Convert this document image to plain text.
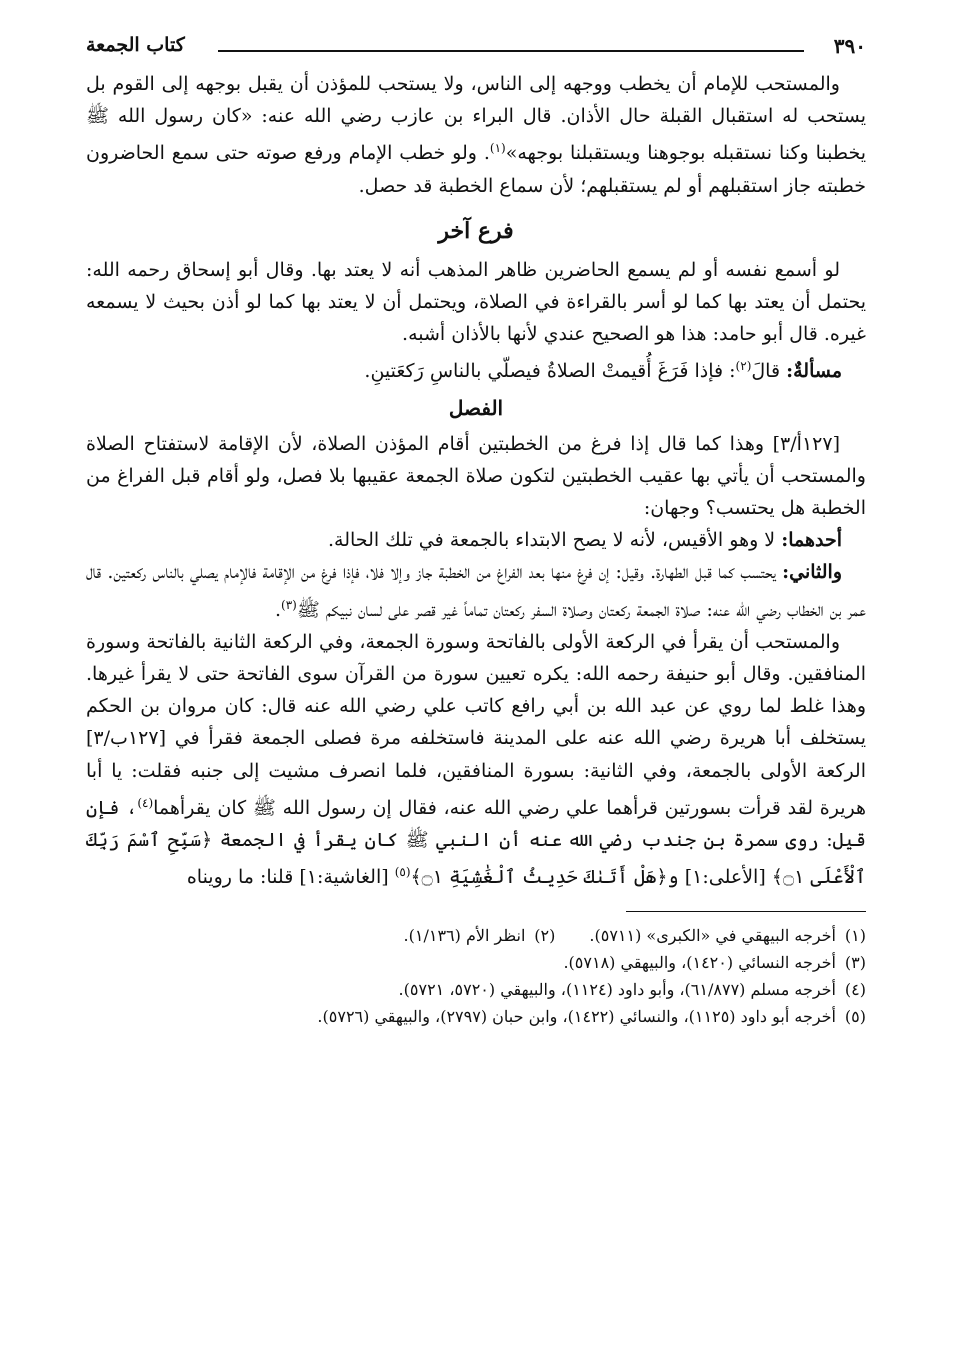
٣٩٠
كتاب الجمعة

والمستحب للإمام أن يخطب ووجهه إلى الناس، ولا يستحب للمؤذن أن يقبل بوجهه إلى القوم بل يستحب له استقبال القبلة حال الأذان. قال البراء بن عازب رضي الله عنه: «كان رسول الله ﷺ يخطبنا وكنا نستقبله بوجوهنا ويستقبلنا بوجهه»$^{(١)}$. ولو خطب الإمام ورفع صوته حتى سمع الحاضرون خطبته جاز استقبلهم أو لم يستقبلهم؛ لأن سماع الخطبة قد حصل.

فرع آخر

لو أسمع نفسه أو لم يسمع الحاضرين ظاهر المذهب أنه لا يعتد بها. وقال أبو إسحاق رحمه الله: يحتمل أن يعتد بها كما لو أسر بالقراءة في الصلاة، ويحتمل أن لا يعتد بها كما لو أذن بحيث لا يسمعه غيره. قال أبو حامد: هذا هو الصحيح عندي لأنها بالأذان أشبه.

مسألةٌ: قالَ$^{(٢)}$: فإذا فَرَغَ أُقيمتْ الصلاةُ فيصلّي بالناسِ رَكعَتينِ.

الفصل

[١٢٧أ/٣] وهذا كما قال إذا فرغ من الخطبتين أقام المؤذن الصلاة، لأن الإقامة لاستفتاح الصلاة والمستحب أن يأتي بها عقيب الخطبتين لتكون صلاة الجمعة عقيبها بلا فصل، ولو أقام قبل الفراغ من الخطبة هل يحتسب؟ وجهان:

أحدهما: لا وهو الأقيس، لأنه لا يصح الابتداء بالجمعة في تلك الحالة.

والثاني: يحتسب كما قبل الطهارة. وقيل: إن فرغ منها بعد الفراغ من الخطبة جاز وإلا فلا، فإذا فرغ من الإقامة فالإمام يصلي بالناس ركعتين. قال عمر بن الخطاب رضي الله عنه: صلاة الجمعة ركعتان وصلاة السفر ركعتان تماماً غير قصر على لسان نبيكم ﷺ$^{(٣)}$.

والمستحب أن يقرأ في الركعة الأولى بالفاتحة وسورة الجمعة، وفي الركعة الثانية بالفاتحة وسورة المنافقين. وقال أبو حنيفة رحمه الله: يكره تعيين سورة من القرآن سوى الفاتحة حتى لا يقرأ غيرها. وهذا غلط لما روي عن عبد الله بن أبي رافع كاتب علي رضي الله عنه قال: كان مروان بن الحكم يستخلف أبا هريرة رضي الله عنه على المدينة فاستخلفه مرة فصلى الجمعة فقرأ في [١٢٧ب/٣] الركعة الأولى بالجمعة، وفي الثانية: بسورة المنافقين، فلما انصرف مشيت إلى جنبه فقلت: يا أبا هريرة لقد قرأت بسورتين قرأهما علي رضي الله عنه، فقال إن رسول الله ﷺ كان يقرأهما$^{(٤)}$، فإن قيل: روى سمرة بن جندب رضي الله عنه أن النبي ﷺ كان يقرأ في الجمعة ﴿سَبِّحِ ٱسْمَ رَبِّكَ ٱلْأَعْلَى ۝١﴾ [الأعلى:١] و﴿هَلْ أَتَىٰكَ حَدِيثُ ٱلْغَٰشِيَةِ ۝١﴾$^{(٥)}$ [الغاشية:١] قلنا: ما رويناه

(١)أخرجه البيهقي في «الكبرى» (٥٧١١).(٢)انظر الأم (١/١٣٦).
(٣)أخرجه النسائي (١٤٢٠)، والبيهقي (٥٧١٨).
(٤)أخرجه مسلم (٦١/٨٧٧)، وأبو داود (١١٢٤)، والبيهقي (٥٧٢٠، ٥٧٢١).
(٥)أخرجه أبو داود (١١٢٥)، والنسائي (١٤٢٢)، وابن حبان (٢٧٩٧)، والبيهقي (٥٧٢٦).
